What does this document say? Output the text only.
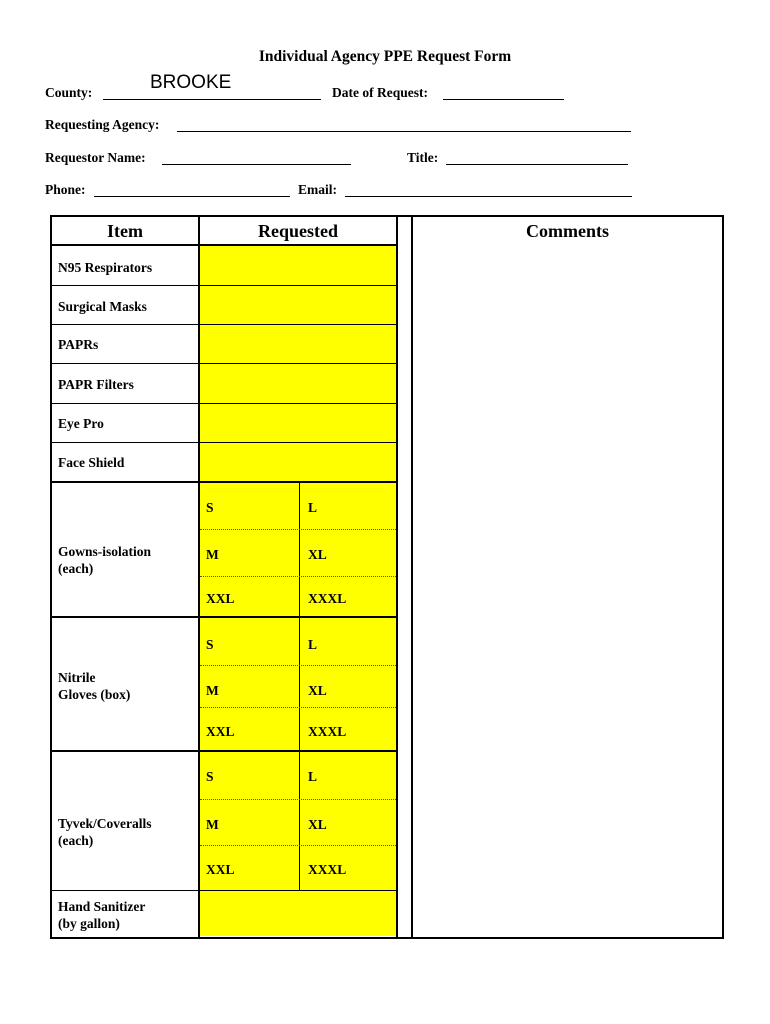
Individual Agency PPE Request Form
County:	BROOKE	Date of Request:
Requesting Agency:
Requestor Name:	Title:
Phone:	Email:
Item	Requested	Comments
N95 Respirators
Surgical Masks
PAPRs
PAPR Filters
Eye Pro
Face Shield
Gowns-isolation
(each)
S	L
M	XL
XXL	XXXL
Nitrile
Gloves (box)
S	L
M	XL
XXL	XXXL
Tyvek/Coveralls
(each)
S	L
M	XL
XXL	XXXL
Hand Sanitizer
(by gallon)
